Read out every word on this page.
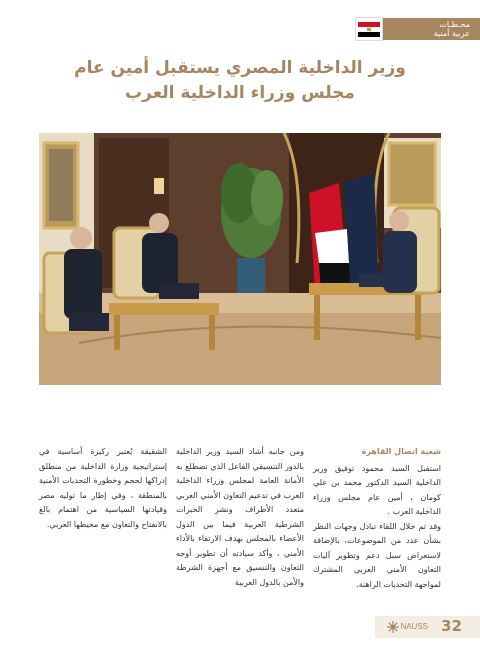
محـطـات
عربية أمنية
وزير الداخلية المصري يستقبل أمين عام
مجلس وزراء الداخلية العرب
شعبة اتصال القاهرة

استقبل السيد محمود توفيق وزير الداخلية السيد الدكتور محمد بن علي كومان ، أمين عام مجلس وزراء الداخلية العرب .

وقد تم خلال اللقاء تبادل وجهات النظر بشأن عدد من الموضوعات، بالإضافة لاستعراض سبل دعم وتطوير آليات التعاون الأمني العربي المشترك لمواجهة التحديات الراهنة.

ومن جانبه أشاد السيد وزير الداخلية بالدور التنسيقي الفاعل الذي تضطلع به الأمانة العامة لمجلس وزراء الداخلية العرب في تدعيم التعاون الأمني العربي متعدد الأطراف ونشر الخبرات الشرطية العربية فيما بين الدول الأعضاء بالمجلس بهدف الارتقاء بالأداء الأمني ، وأكد سيادته أن تطوير أوجه التعاون والتنسيق مع أجهزة الشرطة والأمن بالدول العربية

الشقيقة يُعتبر ركيزة أساسية في إستراتيجية وزارة الداخلية من منطلق إدراكها لحجم وخطورة التحديات الأمنية بالمنطقة ، وفي إطار ما توليه مصر وقيادتها السياسية من اهتمام بالغ بالانفتاح والتعاون مع محيطها العربي.

NAUSS 32
